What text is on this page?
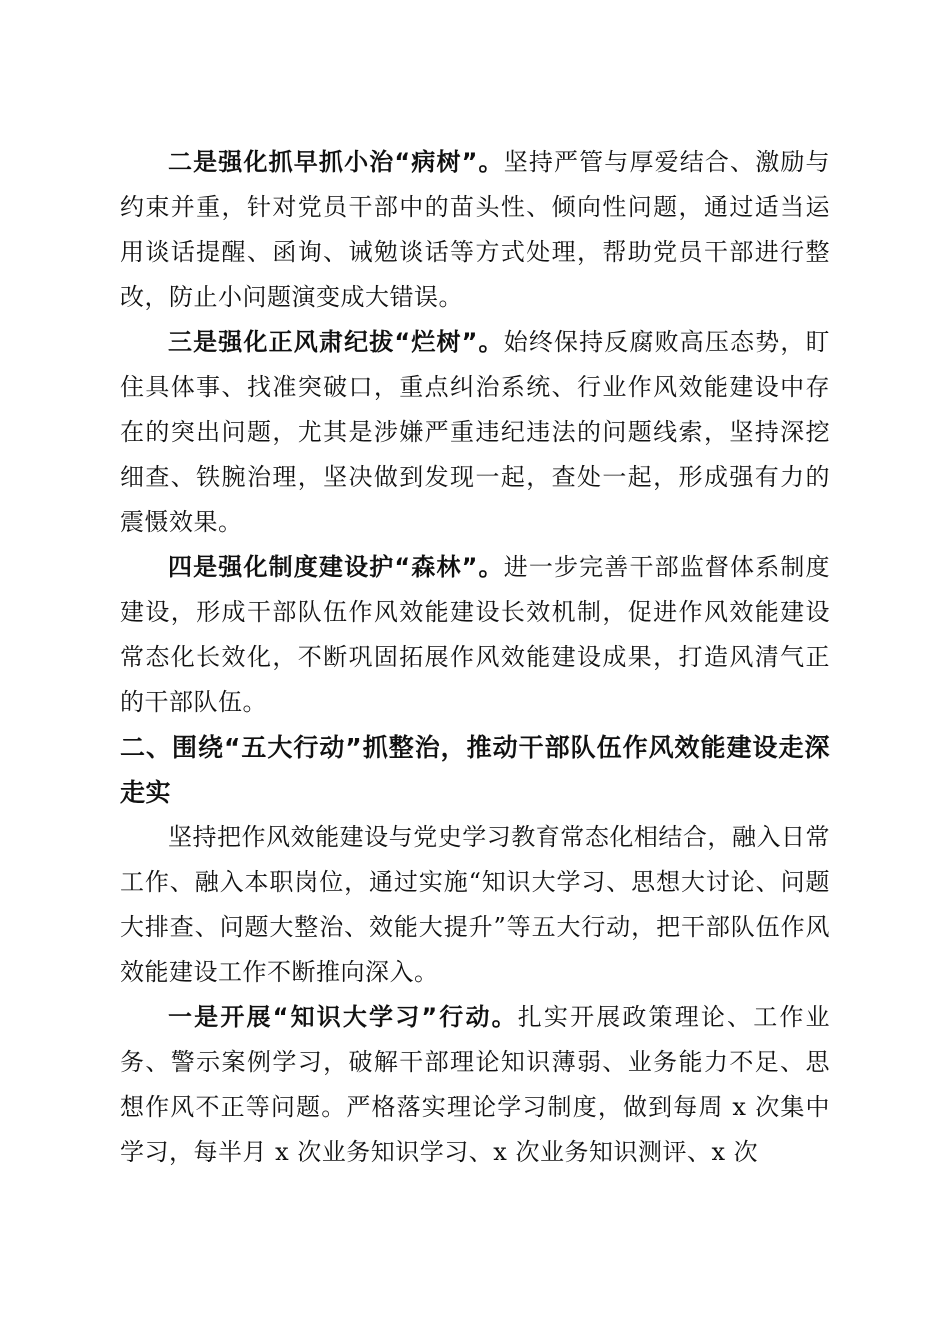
二是强化抓早抓小治“病树”。坚持严管与厚爱结合、激励与约束并重，针对党员干部中的苗头性、倾向性问题，通过适当运用谈话提醒、函询、诫勉谈话等方式处理，帮助党员干部进行整改，防止小问题演变成大错误。

三是强化正风肃纪拔“烂树”。始终保持反腐败高压态势，盯住具体事、找准突破口，重点纠治系统、行业作风效能建设中存在的突出问题，尤其是涉嫌严重违纪违法的问题线索，坚持深挖细查、铁腕治理，坚决做到发现一起，查处一起，形成强有力的震慑效果。

四是强化制度建设护“森林”。进一步完善干部监督体系制度建设，形成干部队伍作风效能建设长效机制，促进作风效能建设常态化长效化，不断巩固拓展作风效能建设成果，打造风清气正的干部队伍。

二、围绕“五大行动”抓整治，推动干部队伍作风效能建设走深走实

坚持把作风效能建设与党史学习教育常态化相结合，融入日常工作、融入本职岗位，通过实施“知识大学习、思想大讨论、问题大排查、问题大整治、效能大提升”等五大行动，把干部队伍作风效能建设工作不断推向深入。

一是开展“知识大学习”行动。扎实开展政策理论、工作业务、警示案例学习，破解干部理论知识薄弱、业务能力不足、思想作风不正等问题。严格落实理论学习制度，做到每周 x 次集中学习，每半月 x 次业务知识学习、x 次业务知识测评、x 次
